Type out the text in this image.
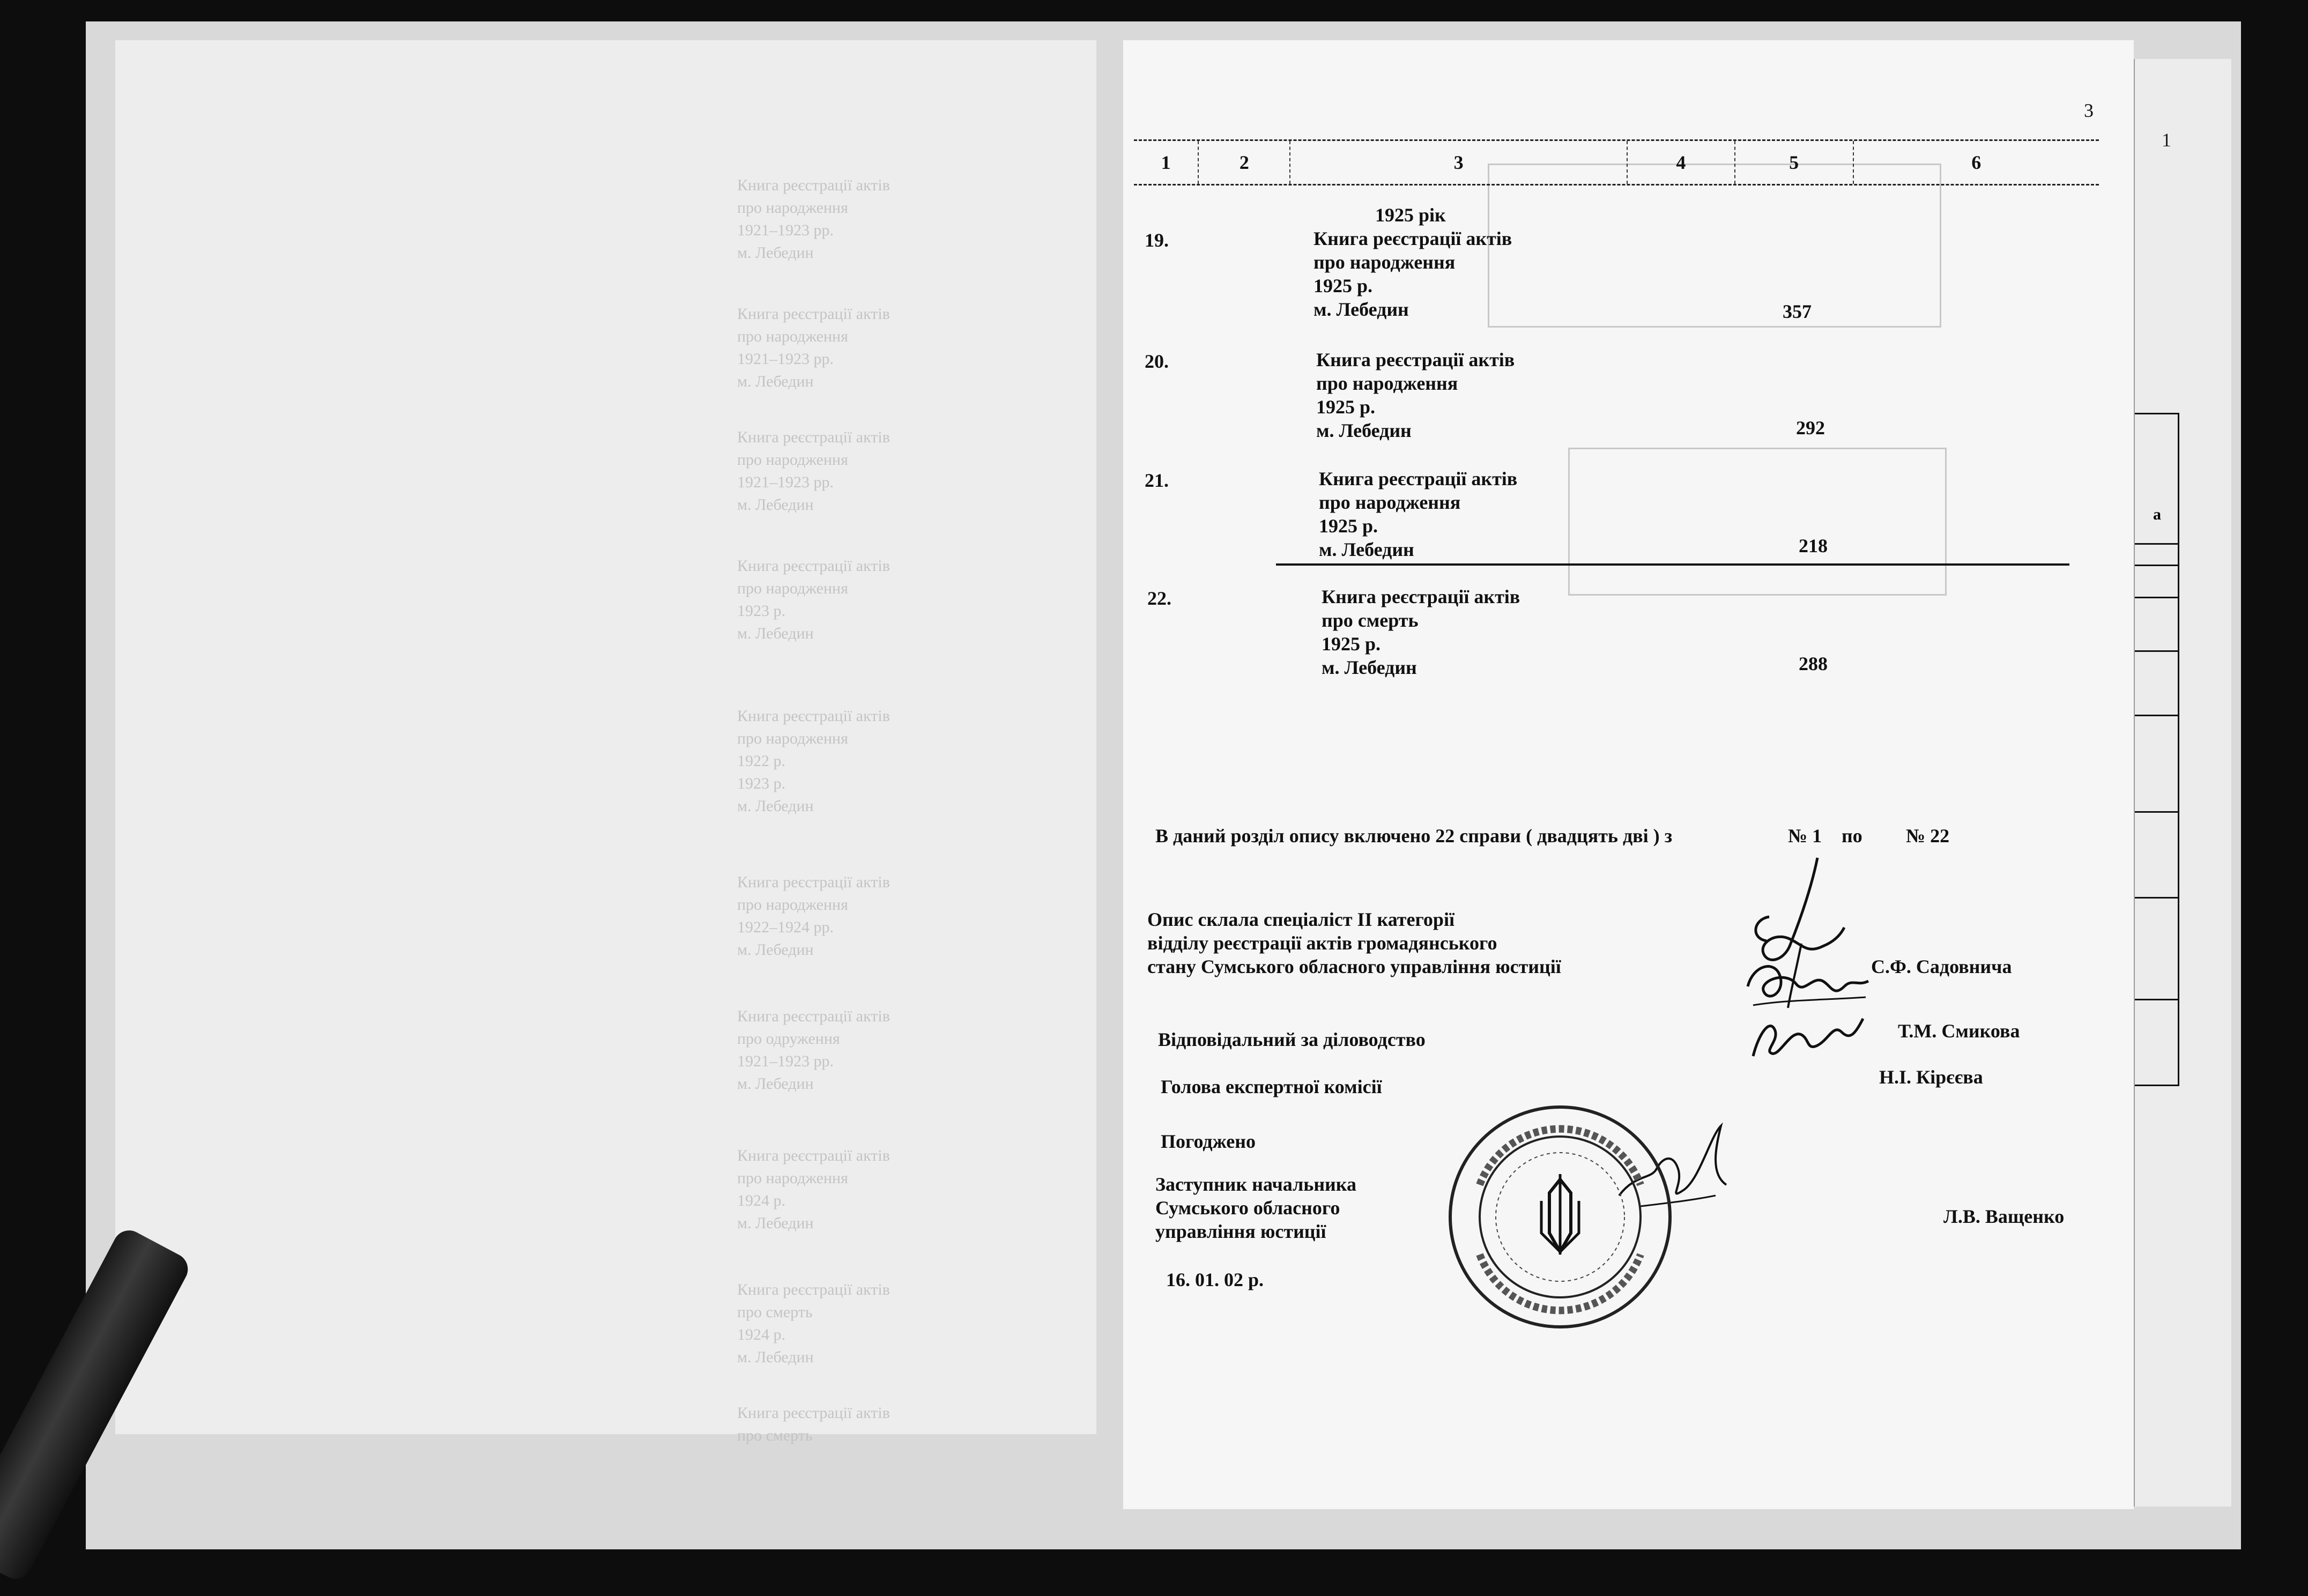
1
а
Книга реєстрації актів
про народження
1921–1923 рр.
м. Лебедин
Книга реєстрації актів
про народження
1921–1923 рр.
м. Лебедин
Книга реєстрації актів
про народження
1921–1923 рр.
м. Лебедин
Книга реєстрації актів
про народження
1923 р.
м. Лебедин
Книга реєстрації актів
про народження
1922 р.
1923 р.
м. Лебедин
Книга реєстрації актів
про народження
1922–1924 рр.
м. Лебедин
Книга реєстрації актів
про одруження
1921–1923 рр.
м. Лебедин
Книга реєстрації актів
про народження
1924 р.
м. Лебедин
Книга реєстрації актів
про смерть
1924 р.
м. Лебедин
Книга реєстрації актів
про смерть
3
1	2	3	4	5	6
1925 рік
19.	Книга реєстрації актів
про народження
1925 р.
м. Лебедин	357
20.	Книга реєстрації актів
про народження
1925 р.
м. Лебедин	292
21.	Книга реєстрації актів
про народження
1925 р.
м. Лебедин	218
22.	Книга реєстрації актів
про смерть
1925 р.
м. Лебедин	288
В даний розділ опису включено 22 справи ( двадцять дві ) з	№ 1 по № 22
Опис склала спеціаліст ІІ категорії
відділу реєстрації актів громадянського
стану Сумського обласного управління юстиції	С.Ф. Садовнича
Відповідальний за діловодство	Т.М. Смикова
Голова експертної комісії	Н.І. Кірєєва
Погоджено
Заступник начальника
Сумського обласного
управління юстиції
Л.В. Ващенко
16. 01. 02 р.
